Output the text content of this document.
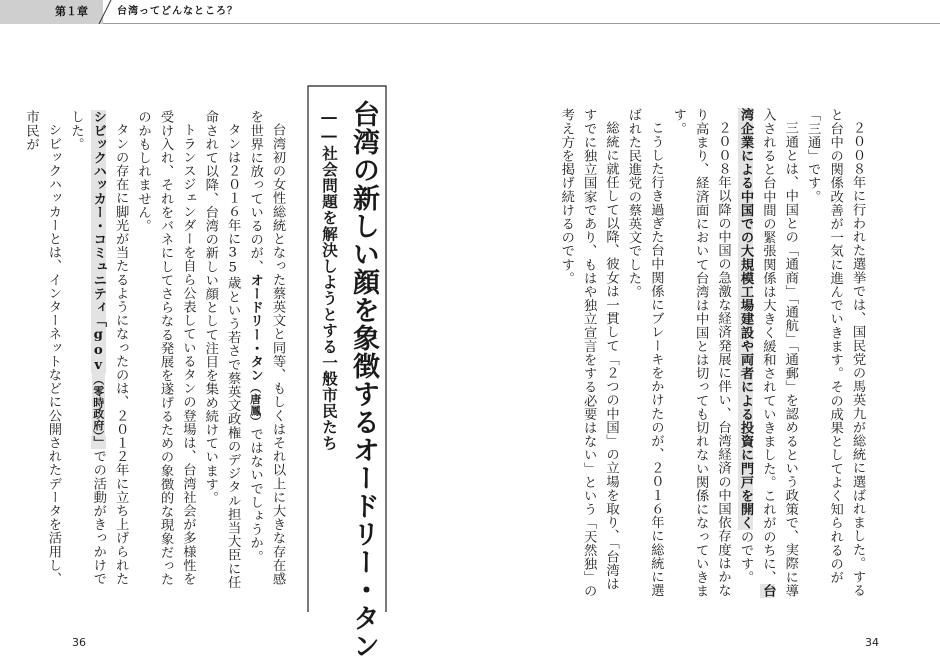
第１章	台湾ってどんなところ？

台湾初の女性総統となった蔡英文と同等、もしくはそれ以上に大きな存在感を世界に放っているのが、オードリー・タン（唐鳳）ではないでしょうか。

タンは２０１６年に35歳という若さで蔡英文政権のデジタル担当大臣に任命されて以降、台湾の新しい顔として注目を集め続けています。

トランスジェンダーを自ら公表しているタンの登場は、台湾社会が多様性を受け入れ、それをバネにしてさらなる発展を遂げるための象徴的な現象だったのかもしれません。

タンの存在に脚光が当たるようになったのは、２０１２年に立ち上げられたシビックハッカー・コミュニティ「gov（零時政府）」での活動がきっかけでした。

シビックハッカーとは、インターネットなどに公開されたデータを活用し、市民が	台湾の新しい顔を象徴するオードリー・タン
――社会問題を解決しようとする一般市民たち	２００８年に行われた選挙では、国民党の馬英九が総統に選ばれました。すると台中の関係改善が一気に進んでいきます。その成果としてよく知られるのが「三通」です。

三通とは、中国との「通商」「通航」「通郵」を認めるという政策で、実際に導入されると台中間の緊張関係は大きく緩和されていきました。これがのちに、台湾企業による中国での大規模工場建設や両者による投資に門戸を開くのです。

２００８年以降の中国の急激な経済発展に伴い、台湾経済の中国依存度はかなり高まり、経済面において台湾は中国とは切っても切れない関係になっていきます。

こうした行き過ぎた台中関係にブレーキをかけたのが、２０１６年に総統に選ばれた民進党の蔡英文でした。

総統に就任して以降、彼女は一貫して「２つの中国」の立場を取り、「台湾はすでに独立国家であり、もはや独立宣言をする必要はない」という「天然独」の考え方を掲げ続けるのです。

36	34
